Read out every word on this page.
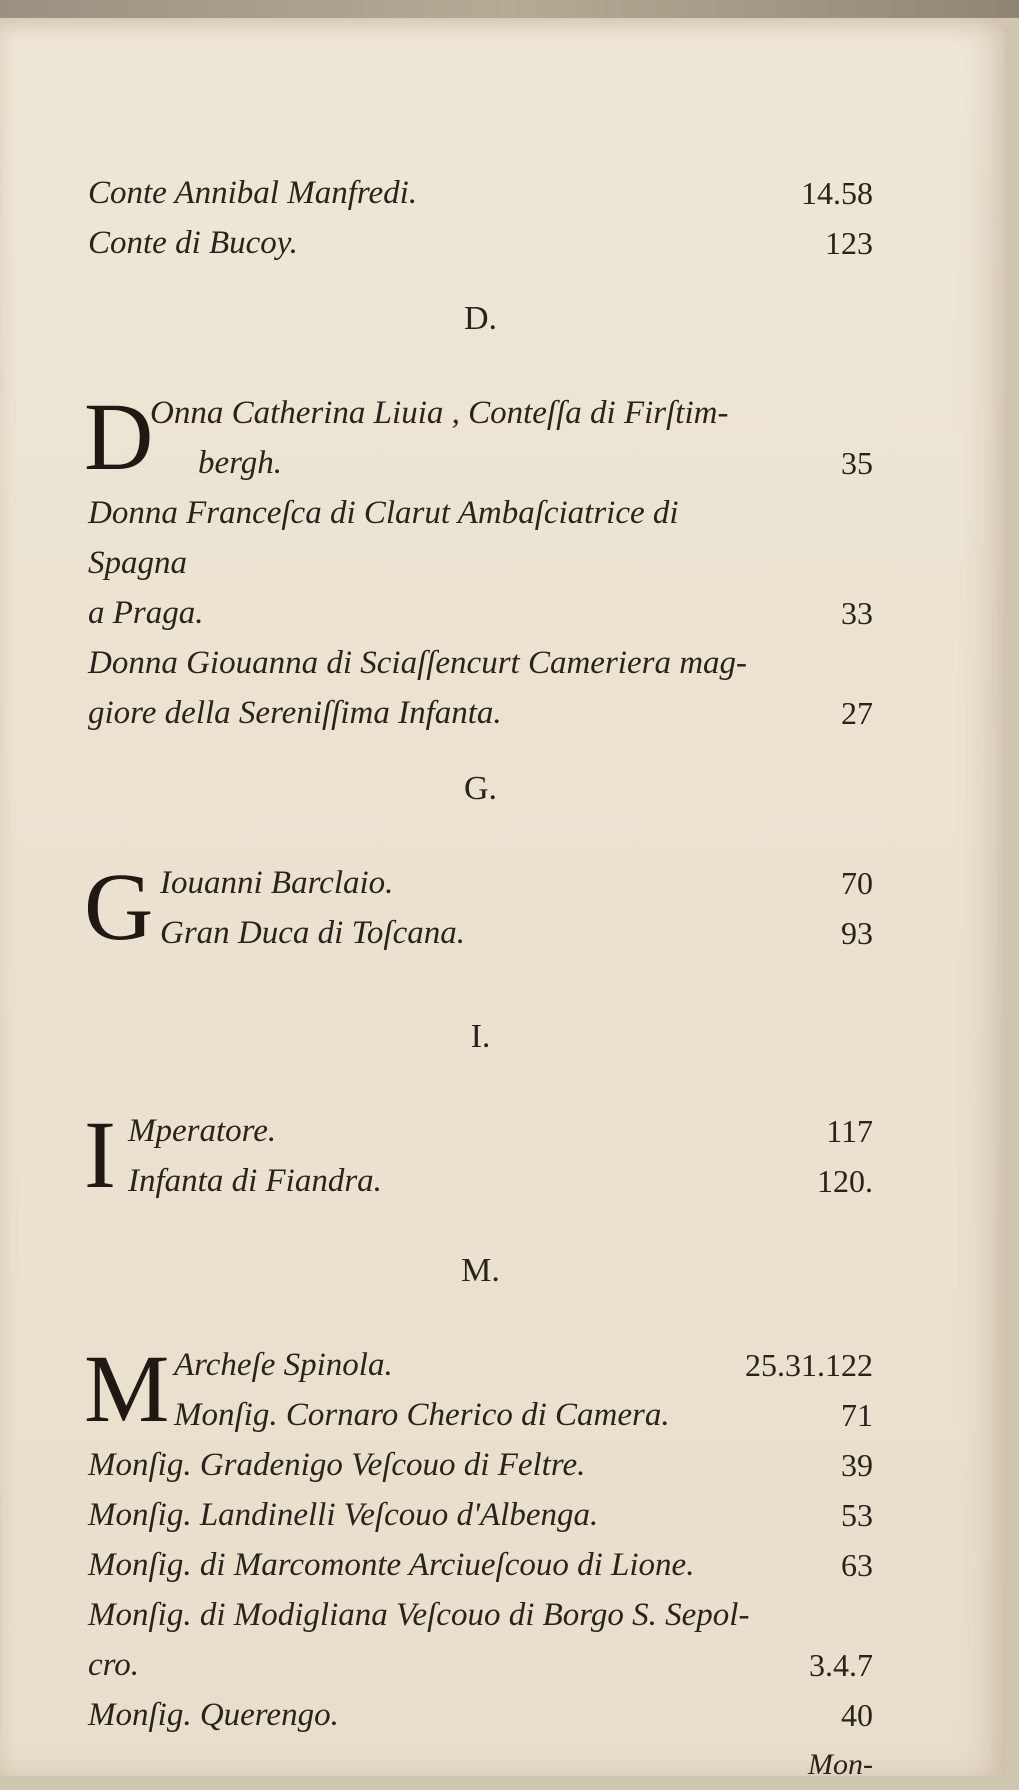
Conte Annibal Manfredi.	14.58
Conte di Bucoy.	123
D.
D
Onna Catherina Liuia , Conteſſa di Firſtim-
bergh.	35
Donna Franceſca di Clarut Ambaſciatrice di Spagna
a Praga.	33
Donna Giouanna di Sciaſſencurt Cameriera mag-
giore della Sereniſſima Infanta.	27
G.
G Iouanni Barclaio.	70
Gran Duca di Toſcana.	93
I.
I Mperatore.	117
Infanta di Fiandra.	120.
M.
M Archeſe Spinola.	25.31.122
Monſig. Cornaro Cherico di Camera.	71
Monſig. Gradenigo Veſcouo di Feltre.	39
Monſig. Landinelli Veſcouo d'Albenga.	53
Monſig. di Marcomonte Arciueſcouo di Lione.	63
Monſig. di Modigliana Veſcouo di Borgo S. Sepol-
cro.	3.4.7
Monſig. Querengo.	40
Mon-
